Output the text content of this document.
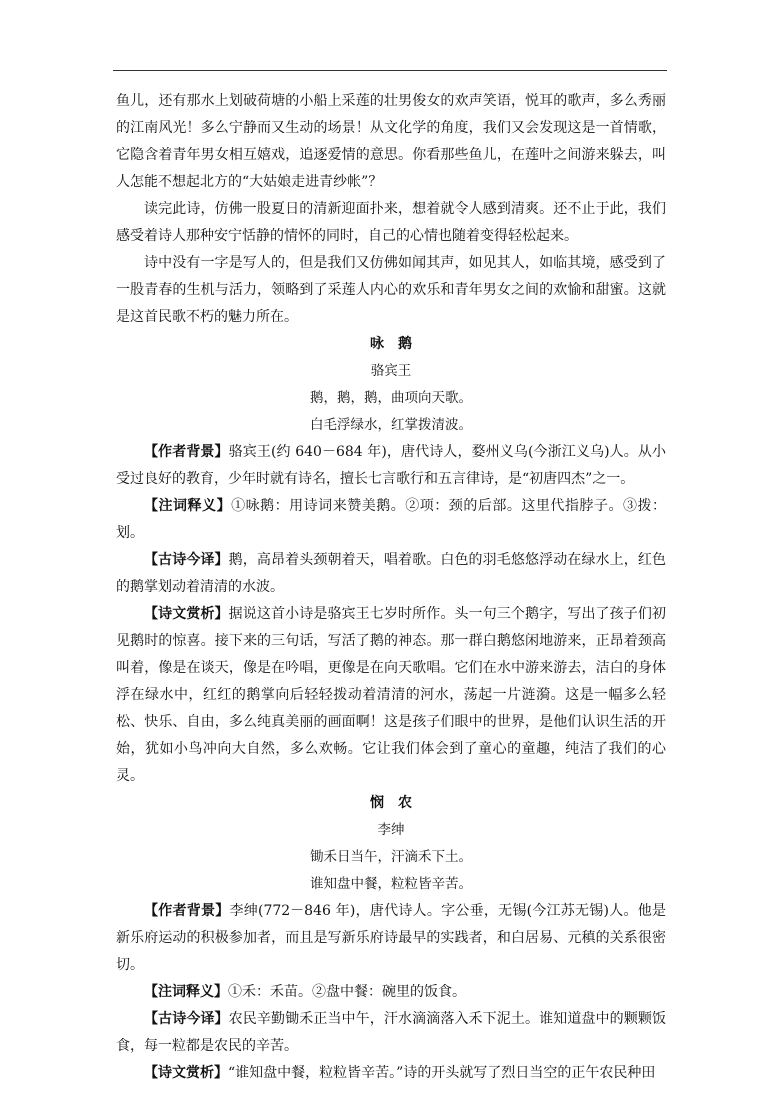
鱼儿，还有那水上划破荷塘的小船上采莲的壮男俊女的欢声笑语，悦耳的歌声，多么秀丽的江南风光！多么宁静而又生动的场景！从文化学的角度，我们又会发现这是一首情歌，它隐含着青年男女相互嬉戏，追逐爱情的意思。你看那些鱼儿，在莲叶之间游来躲去，叫人怎能不想起北方的“大姑娘走进青纱帐”？

读完此诗，仿佛一股夏日的清新迎面扑来，想着就令人感到清爽。还不止于此，我们感受着诗人那种安宁恬静的情怀的同时，自己的心情也随着变得轻松起来。

诗中没有一字是写人的，但是我们又仿佛如闻其声，如见其人，如临其境，感受到了一股青春的生机与活力，领略到了采莲人内心的欢乐和青年男女之间的欢愉和甜蜜。这就是这首民歌不朽的魅力所在。

咏鹅

骆宾王

鹅，鹅，鹅，曲项向天歌。

白毛浮绿水，红掌拨清波。

【作者背景】骆宾王(约 640－684 年)，唐代诗人，婺州义乌(今浙江义乌)人。从小受过良好的教育，少年时就有诗名，擅长七言歌行和五言律诗，是“初唐四杰”之一。

【注词释义】①咏鹅：用诗词来赞美鹅。②项：颈的后部。这里代指脖子。③拨：划。

【古诗今译】鹅，高昂着头颈朝着天，唱着歌。白色的羽毛悠悠浮动在绿水上，红色的鹅掌划动着清清的水波。

【诗文赏析】据说这首小诗是骆宾王七岁时所作。头一句三个鹅字，写出了孩子们初见鹅时的惊喜。接下来的三句话，写活了鹅的神态。那一群白鹅悠闲地游来，正昂着颈高叫着，像是在谈天，像是在吟唱，更像是在向天歌唱。它们在水中游来游去，洁白的身体浮在绿水中，红红的鹅掌向后轻轻拨动着清清的河水，荡起一片涟漪。这是一幅多么轻松、快乐、自由，多么纯真美丽的画面啊！这是孩子们眼中的世界，是他们认识生活的开始，犹如小鸟冲向大自然，多么欢畅。它让我们体会到了童心的童趣，纯洁了我们的心灵。

悯农

李绅

锄禾日当午，汗滴禾下土。

谁知盘中餐，粒粒皆辛苦。

【作者背景】李绅(772－846 年)，唐代诗人。字公垂，无锡(今江苏无锡)人。他是新乐府运动的积极参加者，而且是写新乐府诗最早的实践者，和白居易、元稹的关系很密切。

【注词释义】①禾：禾苗。②盘中餐：碗里的饭食。

【古诗今译】农民辛勤锄禾正当中午，汗水滴滴落入禾下泥土。谁知道盘中的颗颗饭食，每一粒都是农民的辛苦。

【诗文赏析】“谁知盘中餐，粒粒皆辛苦。”诗的开头就写了烈日当空的正午农民种田
